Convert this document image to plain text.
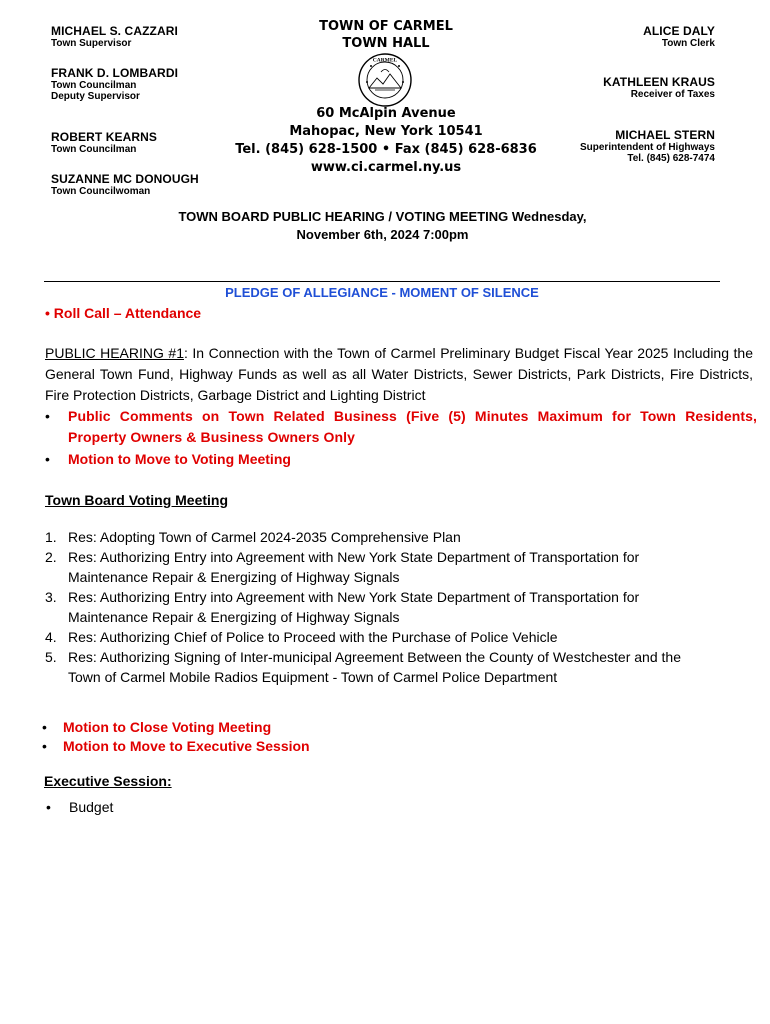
MICHAEL S. CAZZARI
Town Supervisor
FRANK D. LOMBARDI
Town Councilman
Deputy Supervisor
ROBERT KEARNS
Town Councilman
SUZANNE MC DONOUGH
Town Councilwoman
TOWN OF CARMEL
TOWN HALL
CARMEL
60 McAlpin Avenue
Mahopac, New York 10541
Tel. (845) 628-1500 • Fax (845) 628-6836
www.ci.carmel.ny.us
ALICE DALY
Town Clerk
KATHLEEN KRAUS
Receiver of Taxes
MICHAEL STERN
Superintendent of Highways
Tel. (845) 628-7474
TOWN BOARD PUBLIC HEARING / VOTING MEETING Wednesday,
November 6th, 2024 7:00pm
PLEDGE OF ALLEGIANCE - MOMENT OF SILENCE
• Roll Call – Attendance
PUBLIC HEARING #1: In Connection with the Town of Carmel Preliminary Budget Fiscal Year 2025 Including the General Town Fund, Highway Funds as well as all Water Districts, Sewer Districts, Park Districts, Fire Districts, Fire Protection Districts, Garbage District and Lighting District
•	Public Comments on Town Related Business (Five (5) Minutes Maximum for Town Residents, Property Owners & Business Owners Only
•	Motion to Move to Voting Meeting
Town Board Voting Meeting
1. Res: Adopting Town of Carmel 2024-2035 Comprehensive Plan
2. Res: Authorizing Entry into Agreement with New York State Department of Transportation for Maintenance Repair & Energizing of Highway Signals
3. Res: Authorizing Entry into Agreement with New York State Department of Transportation for Maintenance Repair & Energizing of Highway Signals
4. Res: Authorizing Chief of Police to Proceed with the Purchase of Police Vehicle
5. Res: Authorizing Signing of Inter-municipal Agreement Between the County of Westchester and the Town of Carmel Mobile Radios Equipment - Town of Carmel Police Department
•	Motion to Close Voting Meeting
•	Motion to Move to Executive Session
Executive Session:
•	Budget
